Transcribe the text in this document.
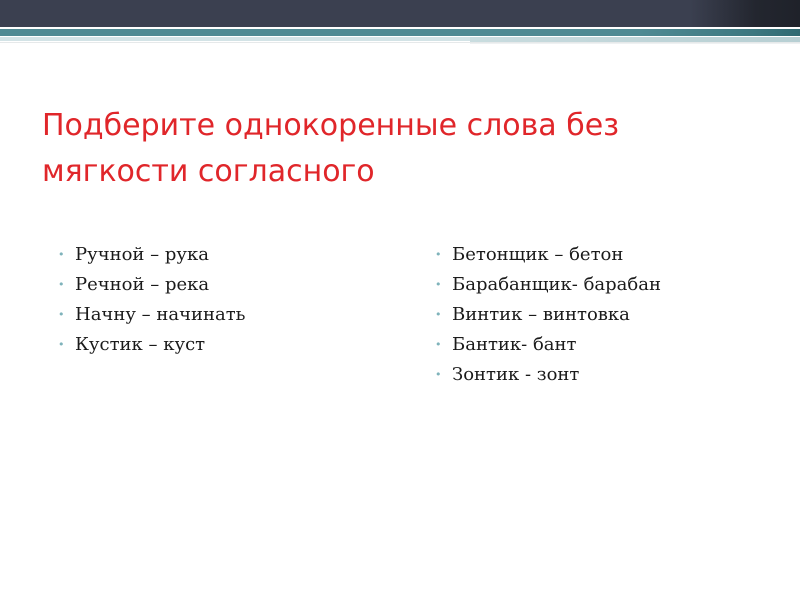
Подберите однокоренные слова без мягкости согласного
• Ручной – рука
• Речной – река
• Начну – начинать
• Кустик – куст
• Бетонщик – бетон
• Барабанщик- барабан
• Винтик – винтовка
• Бантик- бант
• Зонтик - зонт
